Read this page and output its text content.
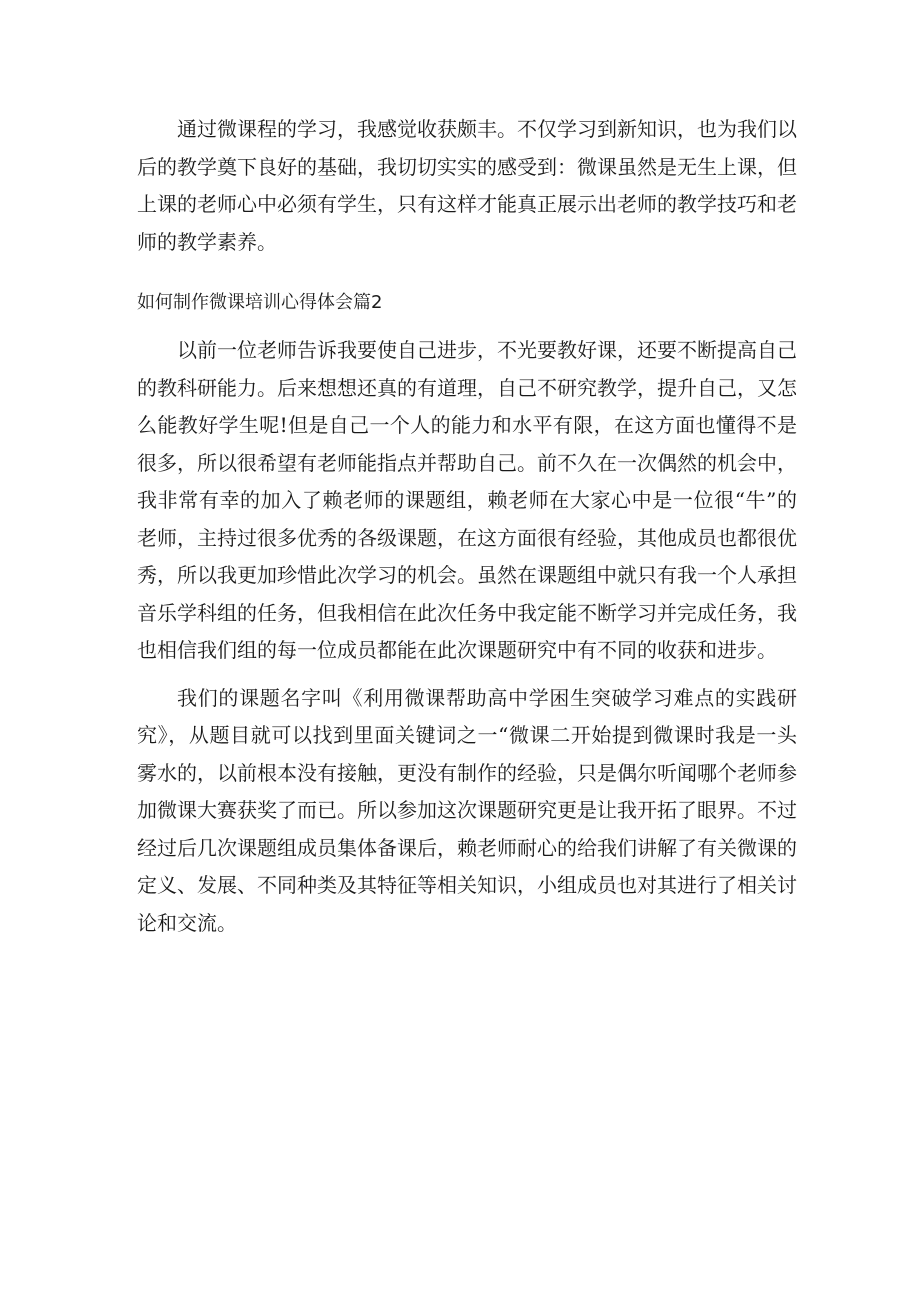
通过微课程的学习，我感觉收获颇丰。不仅学习到新知识，也为我们以后的教学奠下良好的基础，我切切实实的感受到：微课虽然是无生上课，但上课的老师心中必须有学生，只有这样才能真正展示出老师的教学技巧和老师的教学素养。

如何制作微课培训心得体会篇2

以前一位老师告诉我要使自己进步，不光要教好课，还要不断提高自己的教科研能力。后来想想还真的有道理，自己不研究教学，提升自己，又怎么能教好学生呢!但是自己一个人的能力和水平有限，在这方面也懂得不是很多，所以很希望有老师能指点并帮助自己。前不久在一次偶然的机会中，我非常有幸的加入了赖老师的课题组，赖老师在大家心中是一位很“牛”的老师，主持过很多优秀的各级课题，在这方面很有经验，其他成员也都很优秀，所以我更加珍惜此次学习的机会。虽然在课题组中就只有我一个人承担音乐学科组的任务，但我相信在此次任务中我定能不断学习并完成任务，我也相信我们组的每一位成员都能在此次课题研究中有不同的收获和进步。

我们的课题名字叫《利用微课帮助高中学困生突破学习难点的实践研究》，从题目就可以找到里面关键词之一“微课二开始提到微课时我是一头雾水的，以前根本没有接触，更没有制作的经验，只是偶尔听闻哪个老师参加微课大赛获奖了而已。所以参加这次课题研究更是让我开拓了眼界。不过经过后几次课题组成员集体备课后，赖老师耐心的给我们讲解了有关微课的定义、发展、不同种类及其特征等相关知识，小组成员也对其进行了相关讨论和交流。
